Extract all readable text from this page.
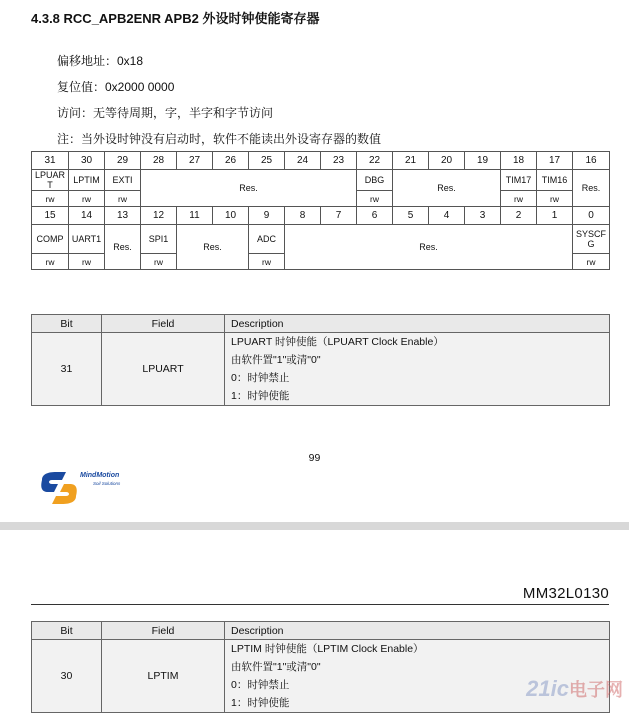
4.3.8 RCC_APB2ENR APB2 外设时钟使能寄存器
偏移地址：0x18
复位值：0x2000 0000
访问：无等待周期，字，半字和字节访问
注：当外设时钟没有启动时，软件不能读出外设寄存器的数值
31	30	29	28	27	26	25	24	23	22	21	20	19	18	17	16
LPUAR T	LPTIM	EXTI	Res.						DBG	Res.			TIM17	TIM16	Res.
rw	rw	rw							rw				rw	rw	
15	14	13	12	11	10	9	8	7	6	5	4	3	2	1	0
COMP	UART1	Res.	SPI1	Res.		ADC	Res.								SYSCF G
rw	rw		rw			rw									rw
Bit	Field	Description
31	LPUART	LPUART 时钟使能（LPUART Clock Enable）
由软件置"1"或清"0"
0：时钟禁止
1：时钟使能
99
MindMotion
Soil Solutions
MM32L0130
Bit	Field	Description
30	LPTIM	LPTIM 时钟使能（LPTIM Clock Enable）
由软件置"1"或清"0"
0：时钟禁止
1：时钟使能
21ic电子网
